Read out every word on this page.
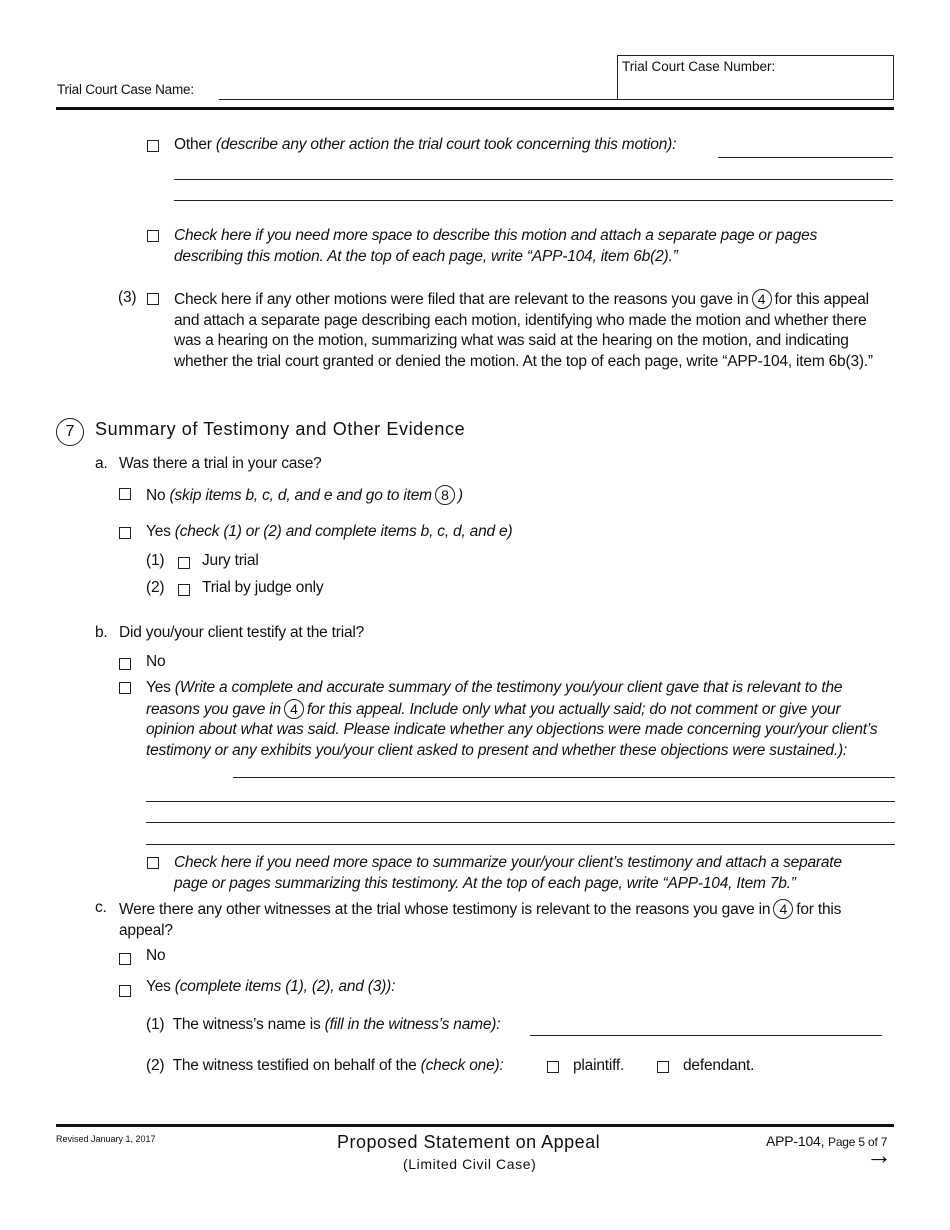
Trial Court Case Number:
Trial Court Case Name:
Other (describe any other action the trial court took concerning this motion):
Check here if you need more space to describe this motion and attach a separate page or pages describing this motion. At the top of each page, write “APP-104, item 6b(2).”
(3) Check here if any other motions were filed that are relevant to the reasons you gave in 4 for this appeal and attach a separate page describing each motion, identifying who made the motion and whether there was a hearing on the motion, summarizing what was said at the hearing on the motion, and indicating whether the trial court granted or denied the motion. At the top of each page, write “APP-104, item 6b(3).”
7	Summary of Testimony and Other Evidence
a. Was there a trial in your case?
No (skip items b, c, d, and e and go to item 8 )
Yes (check (1) or (2) and complete items b, c, d, and e)
(1) Jury trial
(2) Trial by judge only
b. Did you/your client testify at the trial?
No
Yes (Write a complete and accurate summary of the testimony you/your client gave that is relevant to the reasons you gave in 4 for this appeal. Include only what you actually said; do not comment or give your opinion about what was said. Please indicate whether any objections were made concerning your/your client’s testimony or any exhibits you/your client asked to present and whether these objections were sustained.):
Check here if you need more space to summarize your/your client’s testimony and attach a separate page or pages summarizing this testimony. At the top of each page, write “APP-104, Item 7b.”
c. Were there any other witnesses at the trial whose testimony is relevant to the reasons you gave in 4 for this appeal?
No
Yes (complete items (1), (2), and (3)):
(1) The witness’s name is (fill in the witness’s name):
(2) The witness testified on behalf of the (check one):	plaintiff.	defendant.
Revised January 1, 2017	Proposed Statement on Appeal
(Limited Civil Case)
APP-104, Page 5 of 7
→
